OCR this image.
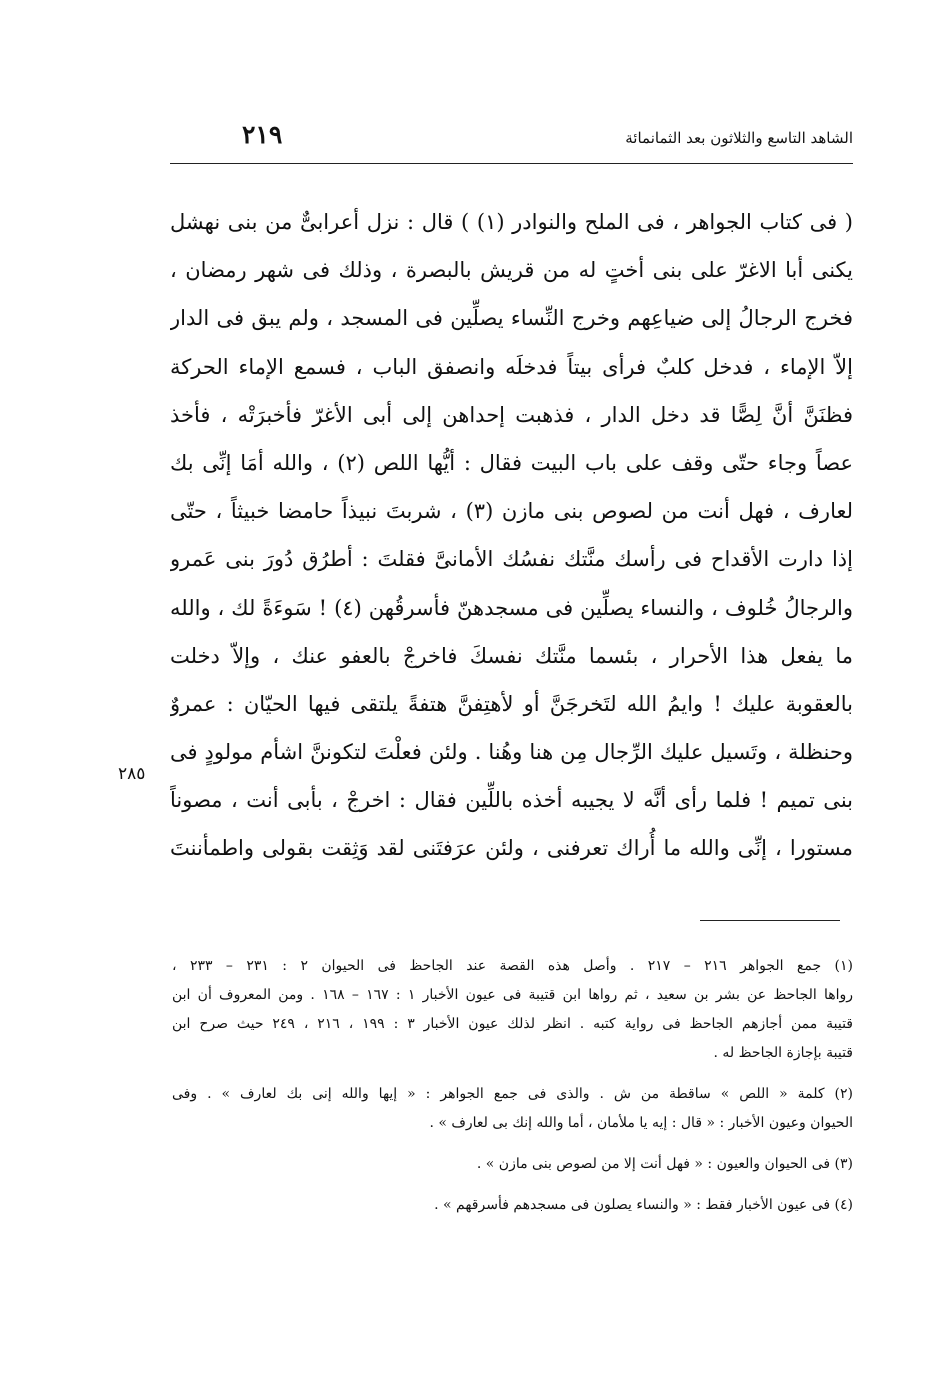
الشاهد التاسع والثلاثون بعد الثمانمائة
٢١٩
( فى كتاب الجواهر ، فى الملح والنوادر (١) ) قال : نزل أعرابىٌّ من بنى نهشل
يكنى أبا الاغرّ على بنى أختٍ له من قريش بالبصرة ، وذلك فى شهر رمضان ،
فخرج الرجالُ إلى ضياعِهم وخرج النِّساء يصلِّين فى المسجد ، ولم يبق فى الدار
إلاّ الإماء ، فدخل كلبٌ فرأى بيتاً فدخلَه وانصفق الباب ، فسمع الإماء الحركة
فظنَنَّ أنَّ لِصًّا قد دخل الدار ، فذهبت إحداهن إلى أبى الأغرّ فأخبرَتْه ، فأخذ
عصاً وجاء حتّى وقف على باب البيت فقال : أيُّها اللص (٢) ، والله أمَا إنِّى بك
لعارف ، فهل أنت من لصوص بنى مازن (٣) ، شربتَ نبيذاً حامضا خبيثاً ، حتّى
إذا دارت الأقداح فى رأسك منَّتك نفسُك الأمانىَّ فقلتَ : أطرُق دُورَ بنى عَمرو
والرجالُ خُلوف ، والنساء يصلِّين فى مسجدهنّ فأسرقُهن (٤) ! سَوءَةً لك ، والله
ما يفعل هذا الأحرار ، بئسما منَّتك نفسكَ فاخرجْ بالعفو عنك ، وإلاّ دخلت
بالعقوبة عليك ! وايمُ الله لتَخرجَنَّ أو لأهتِفنَّ هتفةً يلتقى فيها الحيّان : عمروٌ
وحنظلة ، وتَسيل عليك الرِّجال مِن هنا وهُنا . ولئن فعلْتَ لتكوننَّ اشأم مولودٍ فى
بنى تميم ! فلما رأى أنَّه لا يجيبه أخذه باللِّين فقال : اخرجْ ، بأبى أنت ، مصوناً
مستورا ، إنِّى والله ما أُراك تعرفنى ، ولئن عرَفتَنى لقد وَثِقت بقولى واطمأننتَ
٢٨٥
(١) جمع الجواهر ٢١٦ – ٢١٧ . وأصل هذه القصة عند الجاحظ فى الحيوان ٢ : ٢٣١ – ٢٣٣ ،
رواها الجاحظ عن بشر بن سعيد ، ثم رواها ابن قتيبة فى عيون الأخبار ١ : ١٦٧ – ١٦٨ . ومن المعروف أن ابن
قتيبة ممن أجازهم الجاحظ فى رواية كتبه . انظر لذلك عيون الأخبار ٣ : ١٩٩ ، ٢١٦ ، ٢٤٩ حيث صرح ابن
قتيبة بإجازة الجاحظ له .
(٢) كلمة « اللص » ساقطة من ش . والذى فى جمع الجواهر : « إيها والله إنى بك لعارف » . وفى
الحيوان وعيون الأخبار : « قال : إيه يا ملأمان ، أما والله إنك بى لعارف » .
(٣) فى الحيوان والعيون : « فهل أنت إلا من لصوص بنى مازن » .
(٤) فى عيون الأخبار فقط : « والنساء يصلون فى مسجدهم فأسرقهم » .
